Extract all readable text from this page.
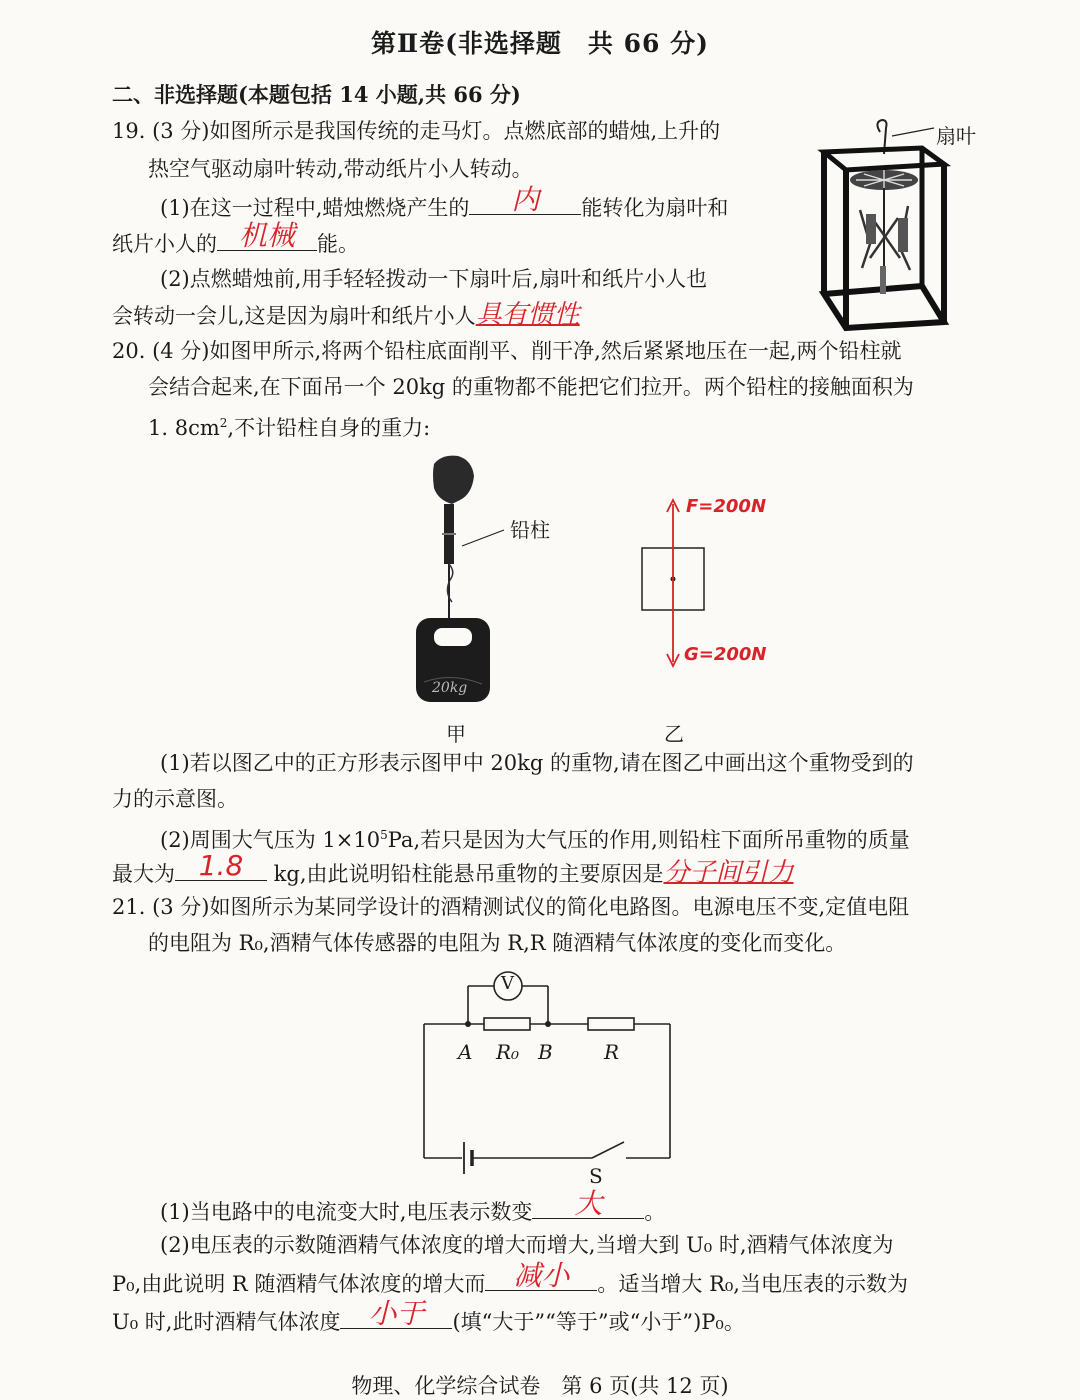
第Ⅱ卷(非选择题　共 66 分)
二、非选择题(本题包括 14 小题,共 66 分)
19. (3 分)如图所示是我国传统的走马灯。点燃底部的蜡烛,上升的
热空气驱动扇叶转动,带动纸片小人转动。
(1)在这一过程中,蜡烛燃烧产生的	内	能转化为扇叶和
纸片小人的 机械	能。
(2)点燃蜡烛前,用手轻轻拨动一下扇叶后,扇叶和纸片小人也
会转动一会儿,这是因为扇叶和纸片小人具有惯性
扇叶
20. (4 分)如图甲所示,将两个铅柱底面削平、削干净,然后紧紧地压在一起,两个铅柱就
会结合起来,在下面吊一个 20kg 的重物都不能把它们拉开。两个铅柱的接触面积为
1. $8cm^2$,不计铅柱自身的重力:
20kg
铅柱
甲
F=200N
G=200N
乙
(1)若以图乙中的正方形表示图甲中 20kg 的重物,请在图乙中画出这个重物受到的
力的示意图。
(2)周围大气压为 $1\times 10^5Pa$,若只是因为大气压的作用,则铅柱下面所吊重物的质量
最大为 1.8	kg,由此说明铅柱能悬吊重物的主要原因是分子间引力
21. (3 分)如图所示为某同学设计的酒精测试仪的简化电路图。电源电压不变,定值电阻
的电阻为 R₀,酒精气体传感器的电阻为 R,R 随酒精气体浓度的变化而变化。
V
A R₀ B	R
S
(1)当电路中的电流变大时,电压表示数变	大	。
(2)电压表的示数随酒精气体浓度的增大而增大,当增大到 U₀ 时,酒精气体浓度为
P₀,由此说明 R 随酒精气体浓度的增大而 减小	。适当增大 R₀,当电压表的示数为
U₀ 时,此时酒精气体浓度 小于	(填“大于”“等于”或“小于”)P₀。
物理、化学综合试卷　第 6 页(共 12 页)
